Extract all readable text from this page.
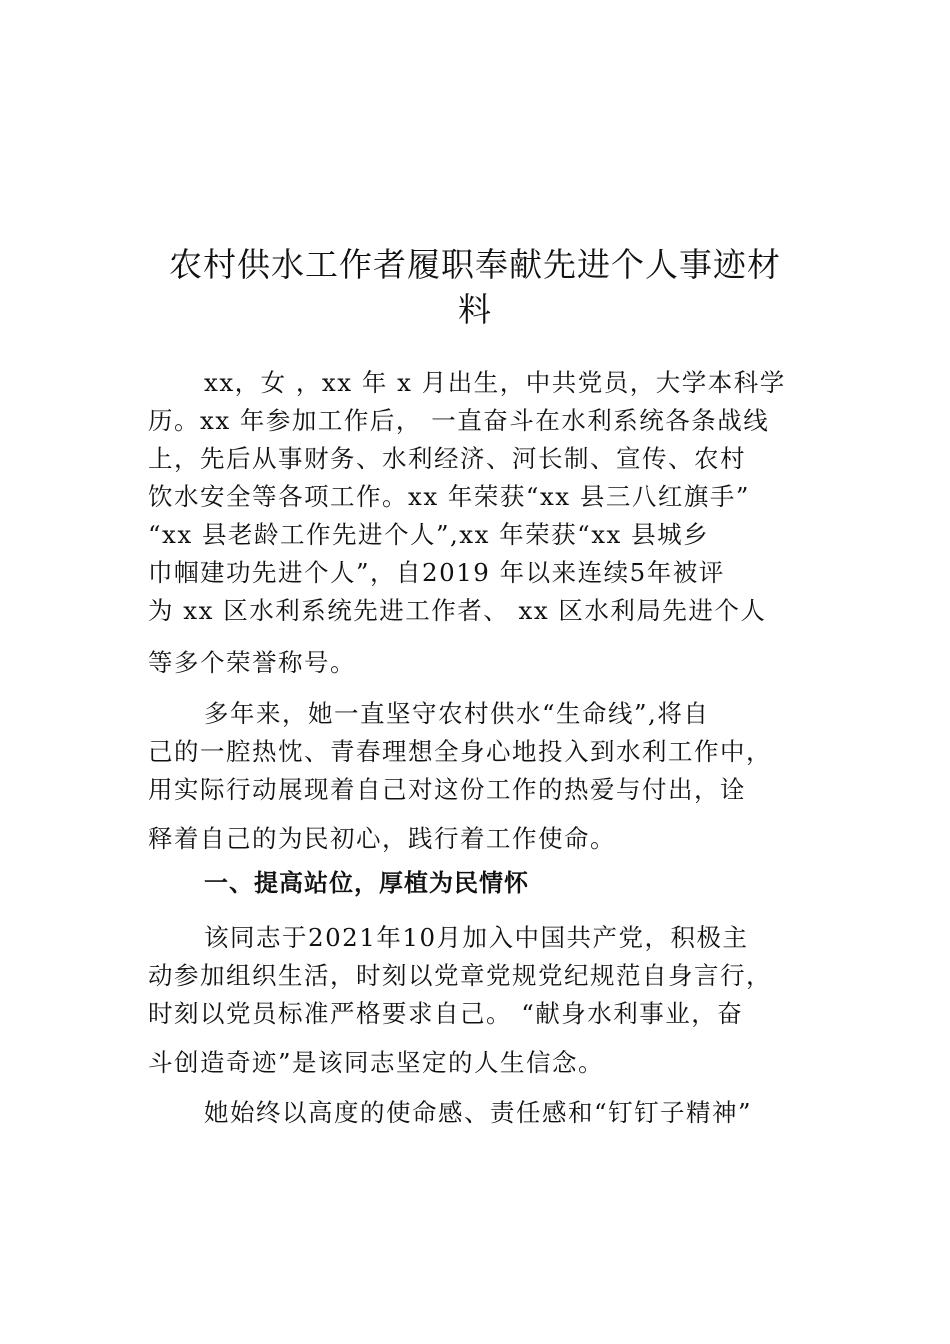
农村供水工作者履职奉献先进个人事迹材
料
xx，女 ，xx 年 x 月出生，中共党员，大学本科学
历。xx 年参加工作后， 一直奋斗在水利系统各条战线
上，先后从事财务、水利经济、河长制、宣传、农村
饮水安全等各项工作。xx 年荣获“xx 县三八红旗手”
“xx 县老龄工作先进个人”,xx 年荣获“xx 县城乡
巾帼建功先进个人”，自2019 年以来连续5年被评
为 xx 区水利系统先进工作者、 xx 区水利局先进个人
等多个荣誉称号。
多年来，她一直坚守农村供水“生命线”,将自
己的一腔热忱、青春理想全身心地投入到水利工作中，
用实际行动展现着自己对这份工作的热爱与付出，诠
释着自己的为民初心，践行着工作使命。
一、提高站位，厚植为民情怀
该同志于2021年10月加入中国共产党，积极主
动参加组织生活，时刻以党章党规党纪规范自身言行，
时刻以党员标准严格要求自己。 “献身水利事业，奋
斗创造奇迹”是该同志坚定的人生信念。
她始终以高度的使命感、责任感和“钉钉子精神”
